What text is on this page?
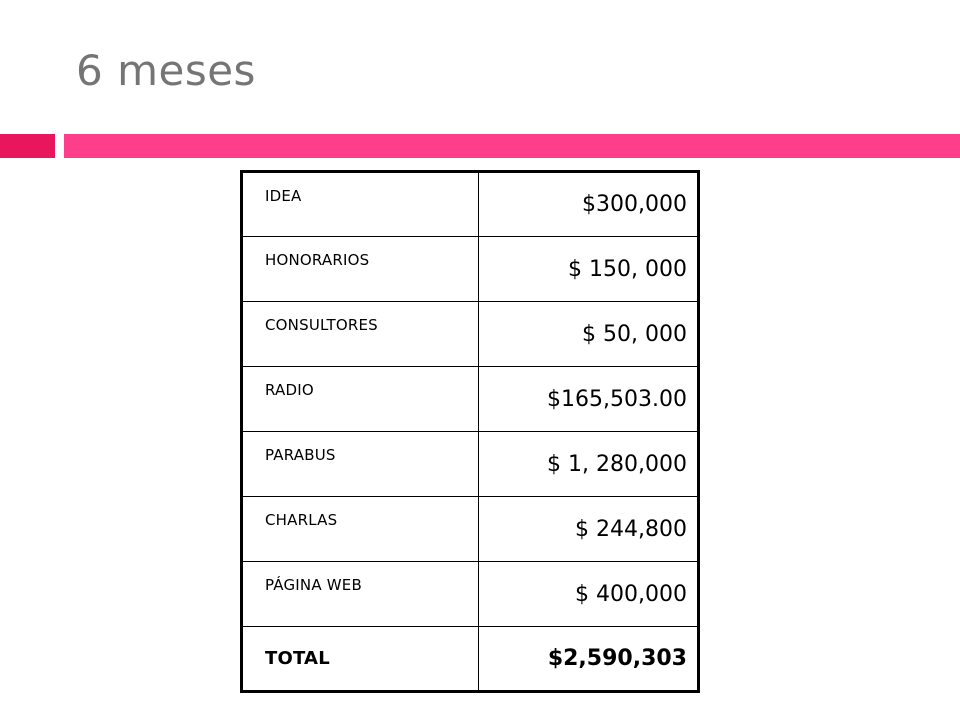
6 meses
IDEA	$300,000
HONORARIOS	$ 150, 000
CONSULTORES	$ 50, 000
RADIO	$165,503.00
PARABUS	$ 1, 280,000
CHARLAS	$ 244,800
PÁGINA WEB	$ 400,000
TOTAL	$2,590,303
